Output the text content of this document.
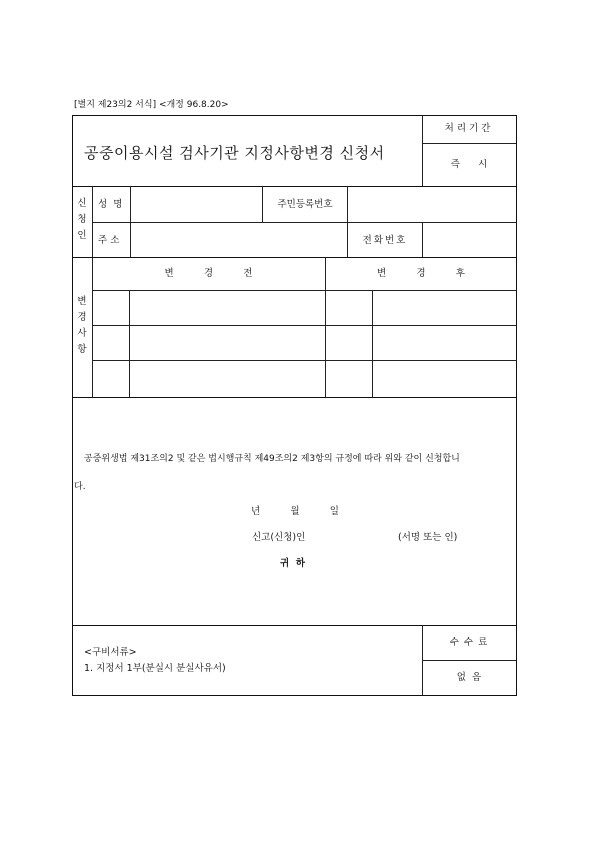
[별지 제23의2 서식] <개정 96.8.20>
공중이용시설 검사기관 지정사항변경 신청서
처리기간
즉      시
신
청
인
성  명	주민등록번호
주 소	전화번호
변
경
사
항
변          경          전	변          경          후
공중위생법 제31조의2 및 같은 법시행규칙 제49조의2 제3항의 규정에 따라 위와 같이 신청합니
다.
년          월          일
신고(신청)인	(서명 또는 인)
귀  하
<구비서류>
1. 지정서 1부(분실시 분실사유서)
수 수 료
없  음
